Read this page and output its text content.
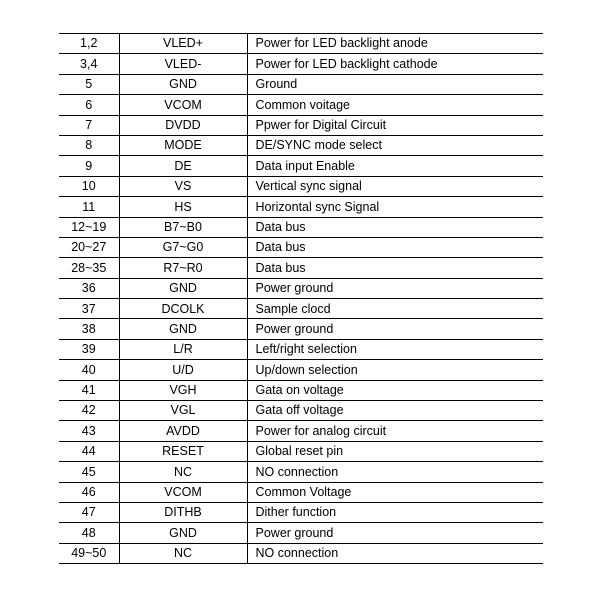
1,2	VLED+	Power for LED backlight anode
3,4	VLED-	Power for LED backlight cathode
5	GND	Ground
6	VCOM	Common voitage
7	DVDD	Ppwer for Digital Circuit
8	MODE	DE/SYNC mode select
9	DE	Data input Enable
10	VS	Vertical sync signal
11	HS	Horizontal sync Signal
12~19	B7~B0	Data bus
20~27	G7~G0	Data bus
28~35	R7~R0	Data bus
36	GND	Power ground
37	DCOLK	Sample clocd
38	GND	Power ground
39	L/R	Left/right selection
40	U/D	Up/down selection
41	VGH	Gata on voltage
42	VGL	Gata off voltage
43	AVDD	Power for analog circuit
44	RESET	Global reset pin
45	NC	NO connection
46	VCOM	Common Voltage
47	DITHB	Dither function
48	GND	Power ground
49~50	NC	NO connection
